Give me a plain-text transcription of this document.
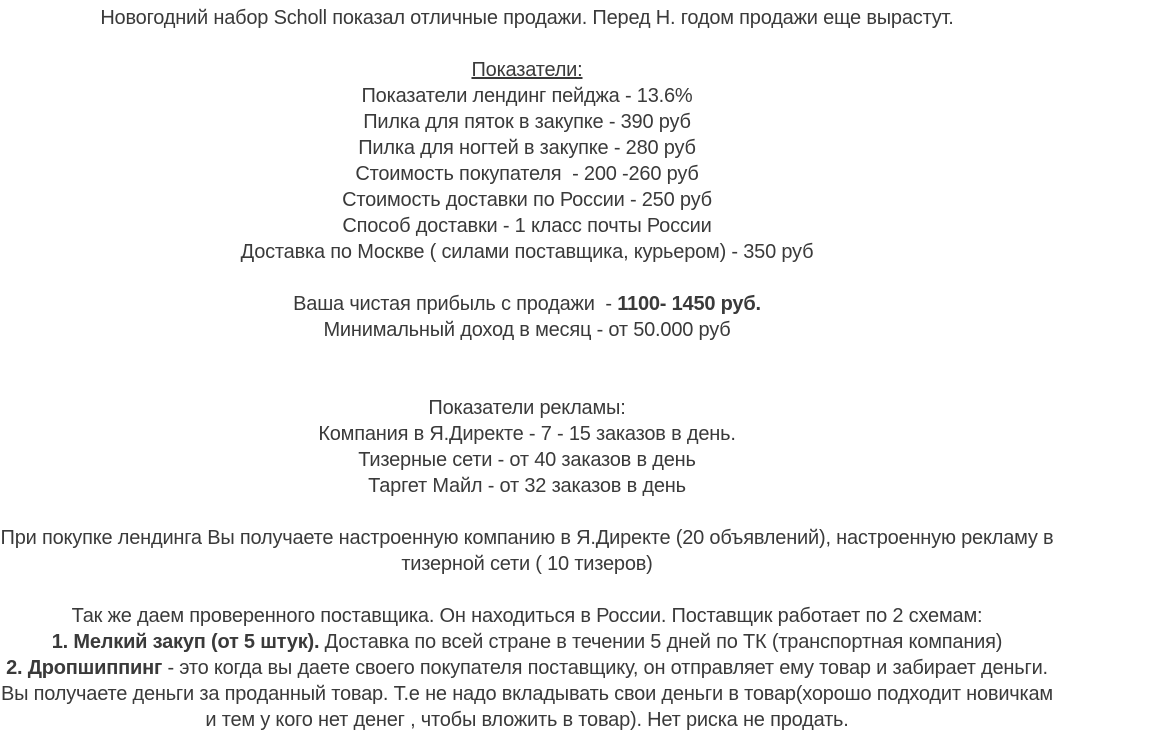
Новогодний набор Scholl показал отличные продажи. Перед Н. годом продажи еще вырастут.
Показатели:
Показатели лендинг пейджа - 13.6%
Пилка для пяток в закупке - 390 руб
Пилка для ногтей в закупке - 280 руб
Стоимость покупателя  - 200 -260 руб
Стоимость доставки по России - 250 руб
Способ доставки - 1 класс почты России
Доставка по Москве ( силами поставщика, курьером) - 350 руб
Ваша чистая прибыль с продажи  - 1100- 1450 руб.
Минимальный доход в месяц - от 50.000 руб
Показатели рекламы:
Компания в Я.Директе - 7 - 15 заказов в день.
Тизерные сети - от 40 заказов в день
Таргет Майл - от 32 заказов в день
При покупке лендинга Вы получаете настроенную компанию в Я.Директе (20 объявлений), настроенную рекламу в тизерной сети ( 10 тизеров)
Так же даем проверенного поставщика. Он находиться в России. Поставщик работает по 2 схемам:
1. Мелкий закуп (от 5 штук). Доставка по всей стране в течении 5 дней по ТК (транспортная компания)
2. Дропшиппинг - это когда вы даете своего покупателя поставщику, он отправляет ему товар и забирает деньги. Вы получаете деньги за проданный товар. Т.е не надо вкладывать свои деньги в товар(хорошо подходит новичкам и тем у кого нет денег , чтобы вложить в товар). Нет риска не продать.
